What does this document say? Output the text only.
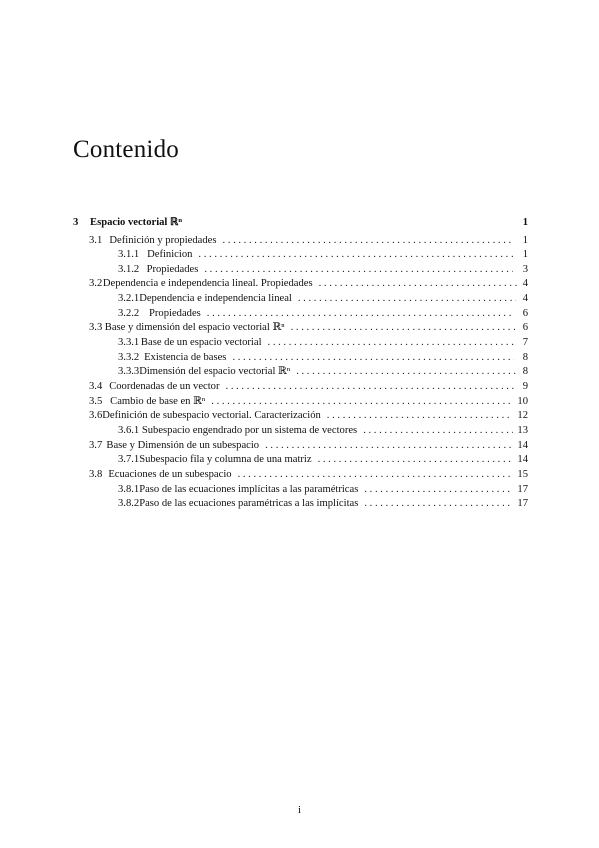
Contenido
3	Espacio vectorial ℝⁿ	1
3.1 Definición y propiedades . . .	1
3.1.1 Definicion . . .	1
3.1.2 Propiedades . . .	3
3.2 Dependencia e independencia lineal. Propiedades . . .	4
3.2.1 Dependencia e independencia lineal . . .	4
3.2.2 Propiedades . . .	6
3.3 Base y dimensión del espacio vectorial ℝⁿ . . .	6
3.3.1 Base de un espacio vectorial . . .	7
3.3.2 Existencia de bases . . .	8
3.3.3 Dimensión del espacio vectorial ℝⁿ . . .	8
3.4 Coordenadas de un vector . . .	9
3.5 Cambio de base en ℝⁿ . . .	10
3.6 Definición de subespacio vectorial. Caracterización . . .	12
3.6.1 Subespacio engendrado por un sistema de vectores . . .	13
3.7 Base y Dimensión de un subespacio . . .	14
3.7.1 Subespacio fila y columna de una matriz . . .	14
3.8 Ecuaciones de un subespacio . . .	15
3.8.1 Paso de las ecuaciones implícitas a las paramétricas . . .	17
3.8.2 Paso de las ecuaciones paramétricas a las implícitas . . .	17
i
